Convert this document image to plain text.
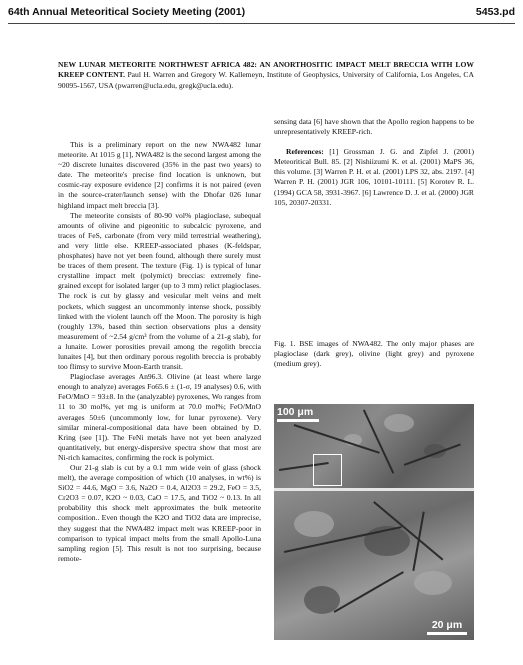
64th Annual Meteoritical Society Meeting (2001)	5453.pd
NEW LUNAR METEORITE NORTHWEST AFRICA 482: AN ANORTHOSITIC IMPACT MELT BRECCIA WITH LOW KREEP CONTENT. Paul H. Warren and Gregory W. Kallemeyn, Institute of Geophysics, University of California, Los Angeles, CA 90095-1567, USA (pwarren@ucla.edu, gregk@ucla.edu).

This is a preliminary report on the new NWA482 lunar meteorite. At 1015 g [1], NWA482 is the second largest among the ~20 discrete lunaites discovered (35% in the past two years) to date. The meteorite's precise find location is unknown, but cosmic-ray exposure evidence [2] confirms it is not paired (even in the source-crater/launch sense) with the Dhofar 026 lunar highland impact melt breccia [3].

The meteorite consists of 80-90 vol% plagioclase, subequal amounts of olivine and pigeonitic to subcalcic pyroxene, and traces of FeS, carbonate (from very mild terrestrial weathering), and very little else. KREEP-associated phases (K-feldspar, phosphates) have not yet been found, although there surely must be traces of them present. The texture (Fig. 1) is typical of lunar crystalline impact melt (polymict) breccias: extremely fine-grained except for isolated larger (up to 3 mm) relict plagioclases. The rock is cut by glassy and vesicular melt veins and melt pockets, which suggest an uncommonly intense shock, possibly linked with the violent launch off the Moon. The porosity is high (roughly 13%, based thin section observations plus a density measurement of ~2.54 g/cm³ from the volume of a 21-g slab), for a lunaite. Lower porosities prevail among the regolith breccia lunaites [4], but then ordinary porous regolith breccia is probably too flimsy to survive Moon-Earth transit.

Plagioclase averages An96.3. Olivine (at least where large enough to analyze) averages Fo65.6 ± (1-σ, 19 analyses) 0.6, with FeO/MnO = 93±8. In the (analyzable) pyroxenes, Wo ranges from 11 to 30 mol%, yet mg is uniform at 70.0 mol%; FeO/MnO averages 50±6 (uncommonly low, for lunar pyroxene). Very similar mineral-compositional data have been obtained by D. Kring (see [1]). The FeNi metals have not yet been analyzed quantitatively, but energy-dispersive spectra show that most are Ni-rich kamacites, confirming the rock is polymict.

Our 21-g slab is cut by a 0.1 mm wide vein of glass (shock melt), the average composition of which (10 analyses, in wt%) is SiO2 = 44.6, MgO = 3.6, Na2O = 0.4, Al2O3 = 29.2, FeO = 3.5, Cr2O3 = 0.07, K2O ~ 0.03, CaO = 17.5, and TiO2 ~ 0.13. In all probability this shock melt approximates the bulk meteorite composition.. Even though the K2O and TiO2 data are imprecise, they suggest that the NWA482 impact melt was KREEP-poor in comparison to typical impact melts from the small Apollo-Luna sampling region [5]. This result is not too surprising, because remote-

sensing data [6] have shown that the Apollo region happens to be unrepresentatively KREEP-rich.

References: [1] Grossman J. G. and Zipfel J. (2001) Meteoritical Bull. 85. [2] Nishiizumi K. et al. (2001) MaPS 36, this volume. [3] Warren P. H. et al. (2001) LPS 32, abs. 2197. [4] Warren P. H. (2001) JGR 106, 10101-10111. [5] Korotev R. L. (1994) GCA 58, 3931-3967. [6] Lawrence D. J. et al. (2000) JGR 105, 20307-20331.

Fig. 1. BSE images of NWA482. The only major phases are plagioclase (dark grey), olivine (light grey) and pyroxene (medium grey).
100 μm
20 μm
